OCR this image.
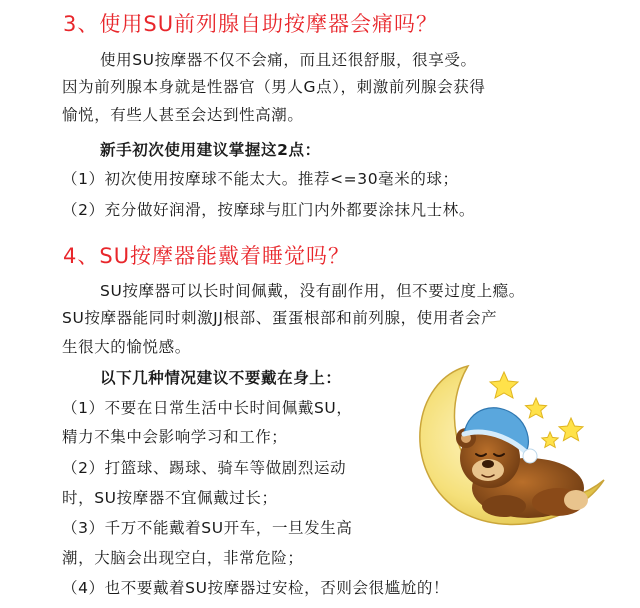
3、使用SU前列腺自助按摩器会痛吗？

使用SU按摩器不仅不会痛，而且还很舒服，很享受。

因为前列腺本身就是性器官（男人G点），刺激前列腺会获得

愉悦，有些人甚至会达到性高潮。

新手初次使用建议掌握这2点：

（1）初次使用按摩球不能太大。推荐<=30毫米的球；

（2）充分做好润滑，按摩球与肛门内外都要涂抹凡士林。

4、SU按摩器能戴着睡觉吗？

SU按摩器可以长时间佩戴，没有副作用，但不要过度上瘾。

SU按摩器能同时刺激JJ根部、蛋蛋根部和前列腺，使用者会产

生很大的愉悦感。

以下几种情况建议不要戴在身上：

（1）不要在日常生活中长时间佩戴SU，

精力不集中会影响学习和工作；

（2）打篮球、踢球、骑车等做剧烈运动

时，SU按摩器不宜佩戴过长；

（3）千万不能戴着SU开车，一旦发生高

潮，大脑会出现空白，非常危险；

（4）也不要戴着SU按摩器过安检，否则会很尴尬的！
